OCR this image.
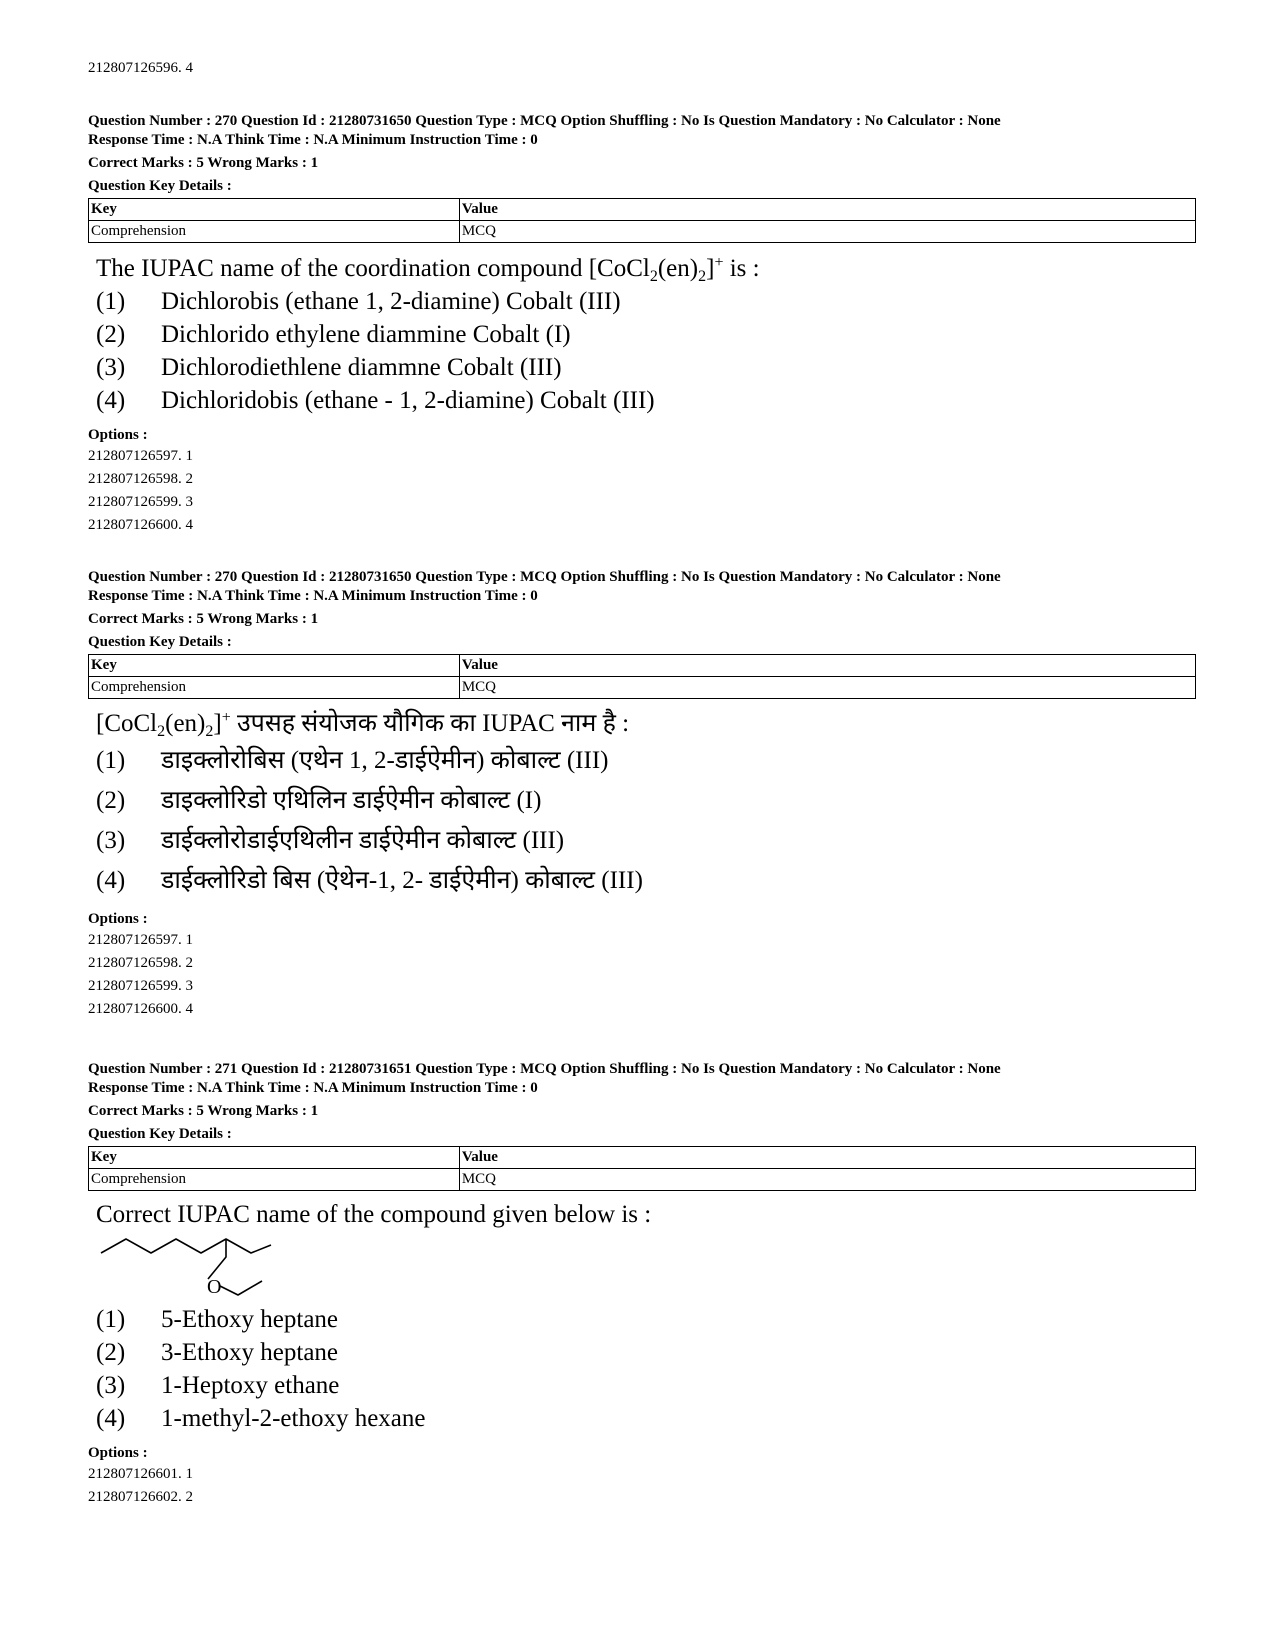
212807126596. 4
Question Number : 270 Question Id : 21280731650 Question Type : MCQ Option Shuffling : No Is Question Mandatory : No Calculator : None
Response Time : N.A Think Time : N.A Minimum Instruction Time : 0
Correct Marks : 5 Wrong Marks : 1
Question Key Details :
Key	Value
Comprehension	MCQ
The IUPAC name of the coordination compound $[CoCl_2(en)_2]^+$ is :
(1)	Dichlorobis (ethane 1, 2-diamine) Cobalt (III)
(2)	Dichlorido ethylene diammine Cobalt (I)
(3)	Dichlorodiethlene diammne Cobalt (III)
(4)	Dichloridobis (ethane - 1, 2-diamine) Cobalt (III)
Options :
212807126597. 1
212807126598. 2
212807126599. 3
212807126600. 4
Question Number : 270 Question Id : 21280731650 Question Type : MCQ Option Shuffling : No Is Question Mandatory : No Calculator : None
Response Time : N.A Think Time : N.A Minimum Instruction Time : 0
Correct Marks : 5 Wrong Marks : 1
Question Key Details :
Key	Value
Comprehension	MCQ
$[CoCl_2(en)_2]^+$ उपसह संयोजक यौगिक का IUPAC नाम है :
(1)	डाइक्लोरोबिस (एथेन 1, 2-डाईऐमीन) कोबाल्ट (III)
(2)	डाइक्लोरिडो एथिलिन डाईऐमीन कोबाल्ट (I)
(3)	डाईक्लोरोडाईएथिलीन डाईऐमीन कोबाल्ट (III)
(4)	डाईक्लोरिडो बिस (ऐथेन-1, 2- डाईऐमीन) कोबाल्ट (III)
Options :
212807126597. 1
212807126598. 2
212807126599. 3
212807126600. 4
Question Number : 271 Question Id : 21280731651 Question Type : MCQ Option Shuffling : No Is Question Mandatory : No Calculator : None
Response Time : N.A Think Time : N.A Minimum Instruction Time : 0
Correct Marks : 5 Wrong Marks : 1
Question Key Details :
Key	Value
Comprehension	MCQ
Correct IUPAC name of the compound given below is :
O
(1)	5-Ethoxy heptane
(2)	3-Ethoxy heptane
(3)	1-Heptoxy ethane
(4)	1-methyl-2-ethoxy hexane
Options :
212807126601. 1
212807126602. 2
